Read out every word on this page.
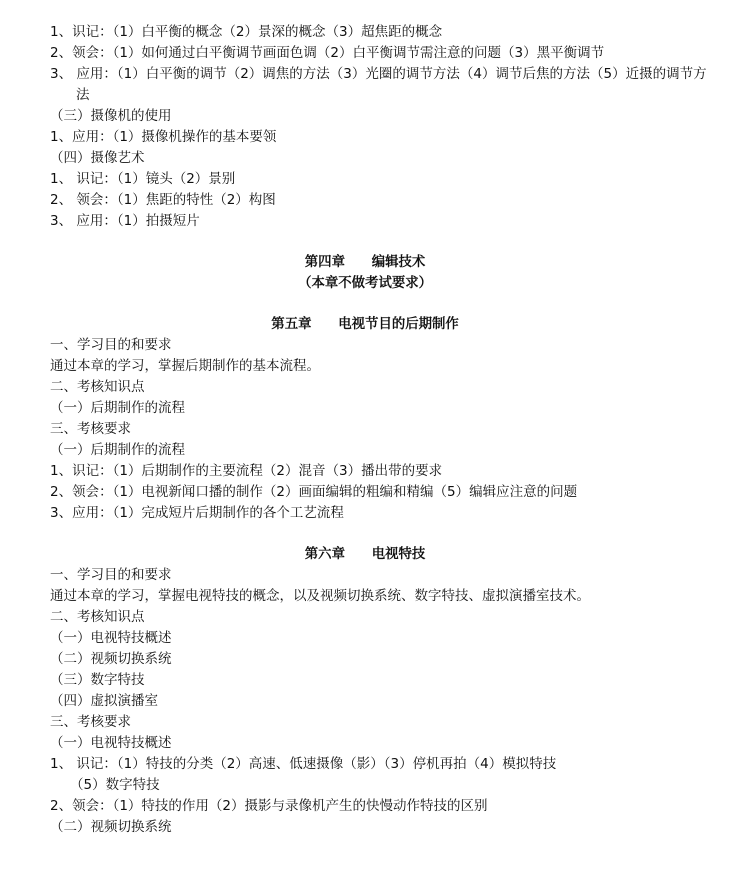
1、识记：（1）白平衡的概念（2）景深的概念（3）超焦距的概念
2、领会：（1）如何通过白平衡调节画面色调（2）白平衡调节需注意的问题（3）黑平衡调节
3、 应用：（1）白平衡的调节（2）调焦的方法（3）光圈的调节方法（4）调节后焦的方法（5）近摄的调节方
法
（三）摄像机的使用
1、应用：（1）摄像机操作的基本要领
（四）摄像艺术
1、 识记：（1）镜头（2）景别
2、 领会：（1）焦距的特性（2）构图
3、 应用：（1）拍摄短片
第四章　　编辑技术
（本章不做考试要求）
第五章　　电视节目的后期制作
一、学习目的和要求
通过本章的学习，掌握后期制作的基本流程。
二、考核知识点
（一）后期制作的流程
三、考核要求
（一）后期制作的流程
1、识记：（1）后期制作的主要流程（2）混音（3）播出带的要求
2、领会：（1）电视新闻口播的制作（2）画面编辑的粗编和精编（5）编辑应注意的问题
3、应用：（1）完成短片后期制作的各个工艺流程
第六章　　电视特技
一、学习目的和要求
通过本章的学习，掌握电视特技的概念，以及视频切换系统、数字特技、虚拟演播室技术。
二、考核知识点
（一）电视特技概述
（二）视频切换系统
（三）数字特技
（四）虚拟演播室
三、考核要求
（一）电视特技概述
1、 识记：（1）特技的分类（2）高速、低速摄像（影）（3）停机再拍（4）模拟特技
（5）数字特技
2、领会：（1）特技的作用（2）摄影与录像机产生的快慢动作特技的区别
（二）视频切换系统
